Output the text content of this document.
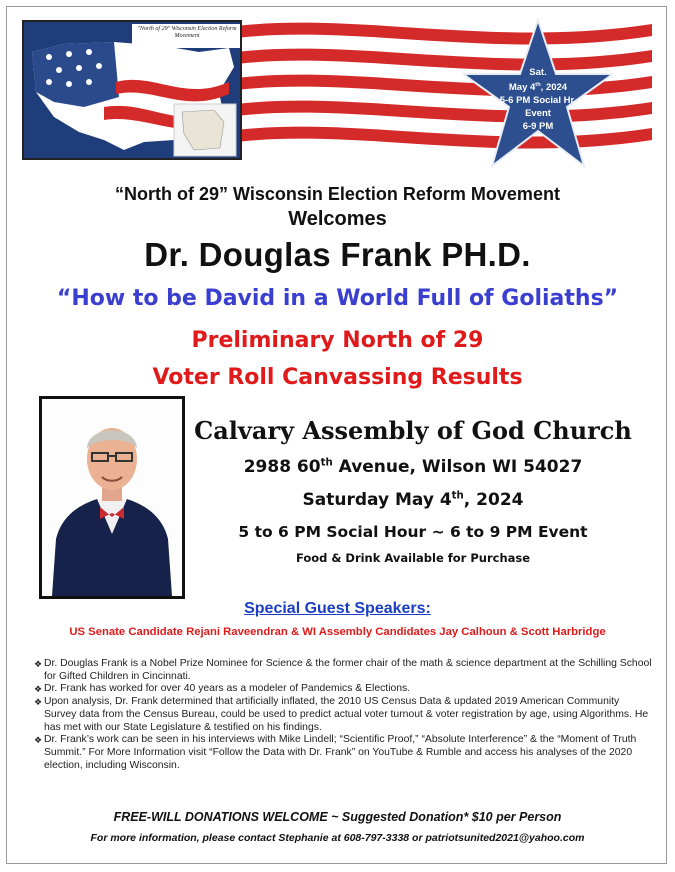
"North of 29" Wisconsin Election Reform Movement
Sat.
May 4th, 2024
5-6 PM Social Hr.
Event
6-9 PM
“North of 29” Wisconsin Election Reform Movement
Welcomes
Dr. Douglas Frank PH.D.
“How to be David in a World Full of Goliaths”
Preliminary North of 29
Voter Roll Canvassing Results
Calvary Assembly of God Church
2988 60th Avenue, Wilson WI 54027
Saturday May 4th, 2024
5 to 6 PM Social Hour ~ 6 to 9 PM Event
Food & Drink Available for Purchase
Special Guest Speakers:
US Senate Candidate Rejani Raveendran & WI Assembly Candidates Jay Calhoun & Scott Harbridge
❖ Dr. Douglas Frank is a Nobel Prize Nominee for Science & the former chair of the math & science department at the Schilling School for Gifted Children in Cincinnati.
❖ Dr. Frank has worked for over 40 years as a modeler of Pandemics & Elections.
❖ Upon analysis, Dr. Frank determined that artificially inflated, the 2010 US Census Data & updated 2019 American Community Survey data from the Census Bureau, could be used to predict actual voter turnout & voter registration by age, using Algorithms. He has met with our State Legislature & testified on his findings.
❖ Dr. Frank’s work can be seen in his interviews with Mike Lindell; “Scientific Proof,” “Absolute Interference” & the “Moment of Truth Summit.” For More Information visit “Follow the Data with Dr. Frank” on YouTube & Rumble and access his analyses of the 2020 election, including Wisconsin.
FREE-WILL DONATIONS WELCOME ~ Suggested Donation* $10 per Person
For more information, please contact Stephanie at 608-797-3338 or patriotsunited2021@yahoo.com
